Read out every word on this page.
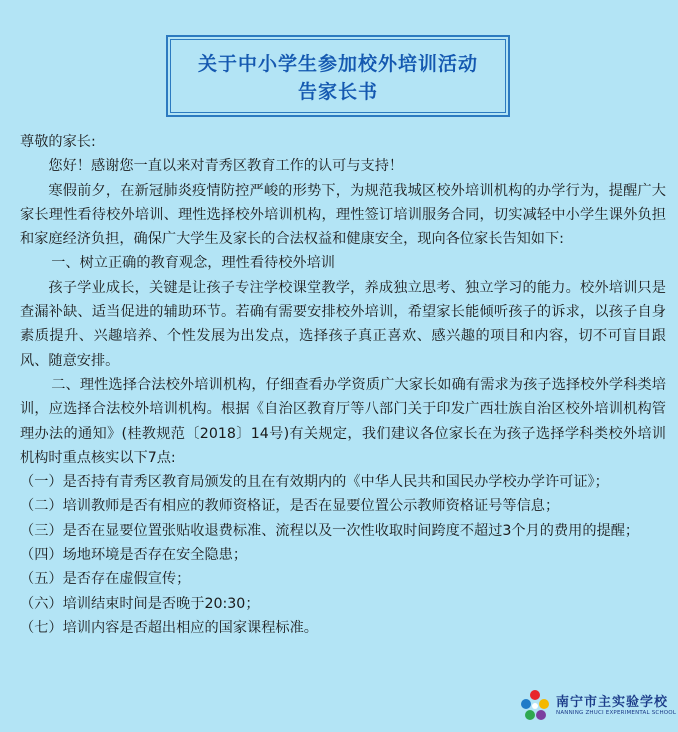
关于中小学生参加校外培训活动
告家长书

尊敬的家长:

您好！感谢您一直以来对青秀区教育工作的认可与支持！

寒假前夕，在新冠肺炎疫情防控严峻的形势下，为规范我城区校外培训机构的办学行为，提醒广大家长理性看待校外培训、理性选择校外培训机构，理性签订培训服务合同，切实减轻中小学生课外负担和家庭经济负担，确保广大学生及家长的合法权益和健康安全，现向各位家长告知如下:

一、树立正确的教育观念，理性看待校外培训

孩子学业成长，关键是让孩子专注学校课堂教学，养成独立思考、独立学习的能力。校外培训只是查漏补缺、适当促进的辅助环节。若确有需要安排校外培训，希望家长能倾听孩子的诉求，以孩子自身素质提升、兴趣培养、个性发展为出发点，选择孩子真正喜欢、感兴趣的项目和内容，切不可盲目跟风、随意安排。

二、理性选择合法校外培训机构，仔细查看办学资质广大家长如确有需求为孩子选择校外学科类培训，应选择合法校外培训机构。根据《自治区教育厅等八部门关于印发广西壮族自治区校外培训机构管理办法的通知》(桂教规范〔2018〕14号)有关规定，我们建议各位家长在为孩子选择学科类校外培训机构时重点核实以下7点:

（一）是否持有青秀区教育局颁发的且在有效期内的《中华人民共和国民办学校办学许可证》；

（二）培训教师是否有相应的教师资格证，是否在显要位置公示教师资格证号等信息；

（三）是否在显要位置张贴收退费标准、流程以及一次性收取时间跨度不超过3个月的费用的提醒；

（四）场地环境是否存在安全隐患；

（五）是否存在虚假宣传；

（六）培训结束时间是否晚于20:30；

（七）培训内容是否超出相应的国家课程标准。

南宁市主实验学校
NANNING ZHUCI EXPERIMENTAL SCHOOL
